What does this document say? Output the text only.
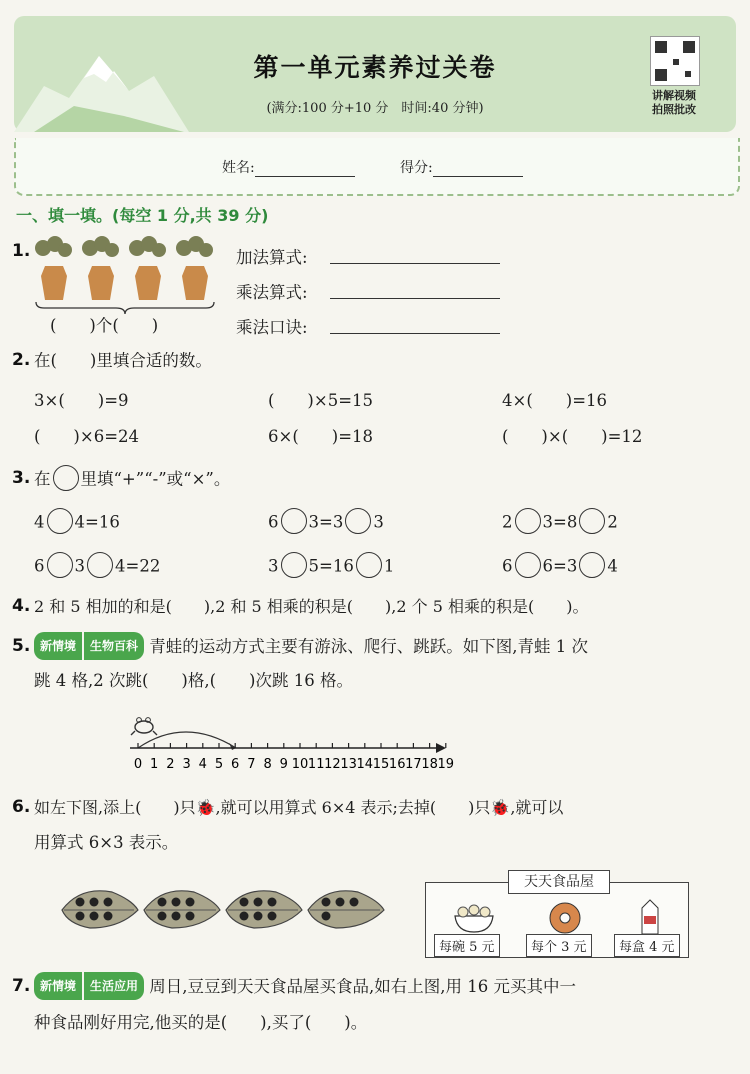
第一单元素养过关卷
(满分:100 分+10 分　时间:40 分钟)
讲解视频
拍照批改
姓名:	得分:
一、填一填。(每空 1 分,共 39 分)
1.
(　　)个(　　)
加法算式:
乘法算式:
乘法口诀:
2. 在(　　)里填合适的数。
3×(　　)=9	(　　)×5=15	4×(　　)=16
(　　)×6=24	6×(　　)=18	(　　)×(　　)=12
3. 在 里填“+”“-”或“×”。
4 4=16	6 3=3 3	2 3=8 2
6 3 4=22	3 5=16 1	6 6=3 4
4. 2 和 5 相加的和是(　　),2 和 5 相乘的积是(　　),2 个 5 相乘的积是(　　)。
5. 新情境 生物百科 青蛙的运动方式主要有游泳、爬行、跳跃。如下图,青蛙 1 次
跳 4 格,2 次跳(　　)格,(　　)次跳 16 格。
0 1 2 3 4 5 6 7 8 9 10 11 12 13 14 15 16 17 18 19
6. 如左下图,添上(　　)只🐞,就可以用算式 6×4 表示;去掉(　　)只🐞,就可以
用算式 6×3 表示。
天天食品屋
每碗 5 元	每个 3 元	每盒 4 元
7. 新情境 生活应用 周日,豆豆到天天食品屋买食品,如右上图,用 16 元买其中一
种食品刚好用完,他买的是(　　),买了(　　)。
